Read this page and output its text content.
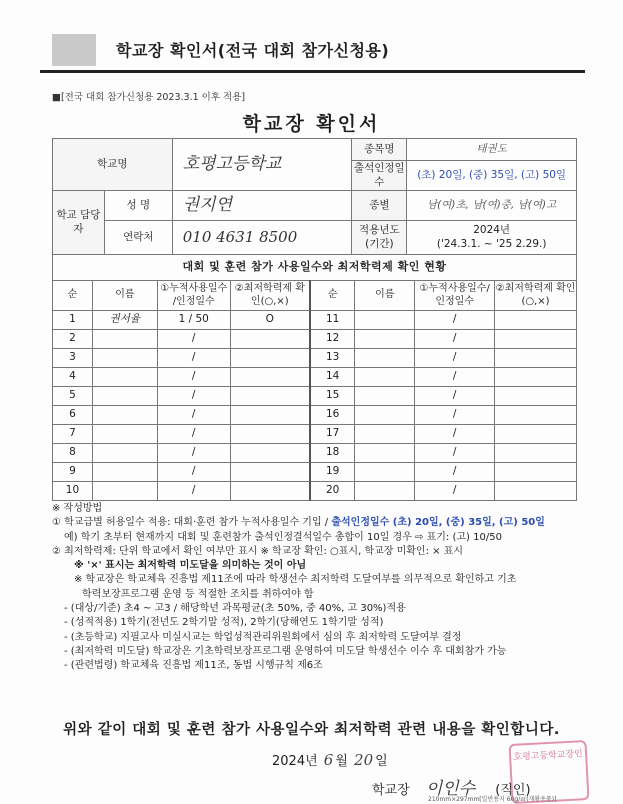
학교장 확인서(전국 대회 참가신청용)
■[전국 대회 참가신청용 2023.3.1 이후 적용]
학교장 확인서
학교명		호평고등학교	종목명	태권도
			출석인정일수	(초) 20일, (중) 35일, (고) 50일
학교 담당자	성 명	권지연	종별	남(여)초, 남(여)중, 남(여)고
	연락처	010 4631 8500	적용년도 (기간)	2024년
('24.3.1. ~ '25 2.29.)
대회 및 훈련 참가 사용일수와 최저학력제 확인 현황
순	이름	①누적사용일수 /인정일수	②최저학력제 확인(○,×)	순	이름	①누적사용일수/ 인정일수	②최저학력제 확인(○,×)
1	권서율	1 / 50	O	11		/	
2		/		12		/	
3		/		13		/	
4		/		14		/	
5		/		15		/	
6		/		16		/	
7		/		17		/	
8		/		18		/	
9		/		19		/	
10		/		20		/	
※ 작성방법
① 학교급별 허용일수 적용: 대회·훈련 참가 누적사용일수 기입 / 출석인정일수 (초) 20일, (중) 35일, (고) 50일
예) 학기 초부터 현재까지 대회 및 훈련참가 출석인정결석일수 총합이 10일 경우 ⇨ 표기: (고) 10/50
② 최저학력제: 단위 학교에서 확인 여부만 표시 ※ 학교장 확인: ○표시, 학교장 미확인: × 표시
※ '×' 표시는 최저학력 미도달을 의미하는 것이 아님
※ 학교장은 학교체육 진흥법 제11조에 따라 학생선수 최저학력 도달여부를 의무적으로 확인하고 기초
학력보장프로그램 운영 등 적절한 조치를 취하여야 함
- (대상/기준) 초4 ~ 고3 / 해당학년 과목평균(초 50%, 중 40%, 고 30%)적용
- (성적적용) 1학기(전년도 2학기말 성적), 2학기(당해연도 1학기말 성적)
- (초등학교) 지필고사 미실시교는 학업성적관리위원회에서 심의 후 최저학력 도달여부 결정
- (최저학력 미도달) 학교장은 기초학력보장프로그램 운영하여 미도달 학생선수 이수 후 대회참가 가능
- (관련법령) 학교체육 진흥법 제11조, 동법 시행규칙 제6조
위와 같이 대회 및 훈련 참가 사용일수와 최저학력 관련 내용을 확인합니다.
2024년 6 월 20 일
학교장 이인수 (직인)
호평고등학교장인
210mm×297mm[일반용지 60g/㎡(재활용품)]
